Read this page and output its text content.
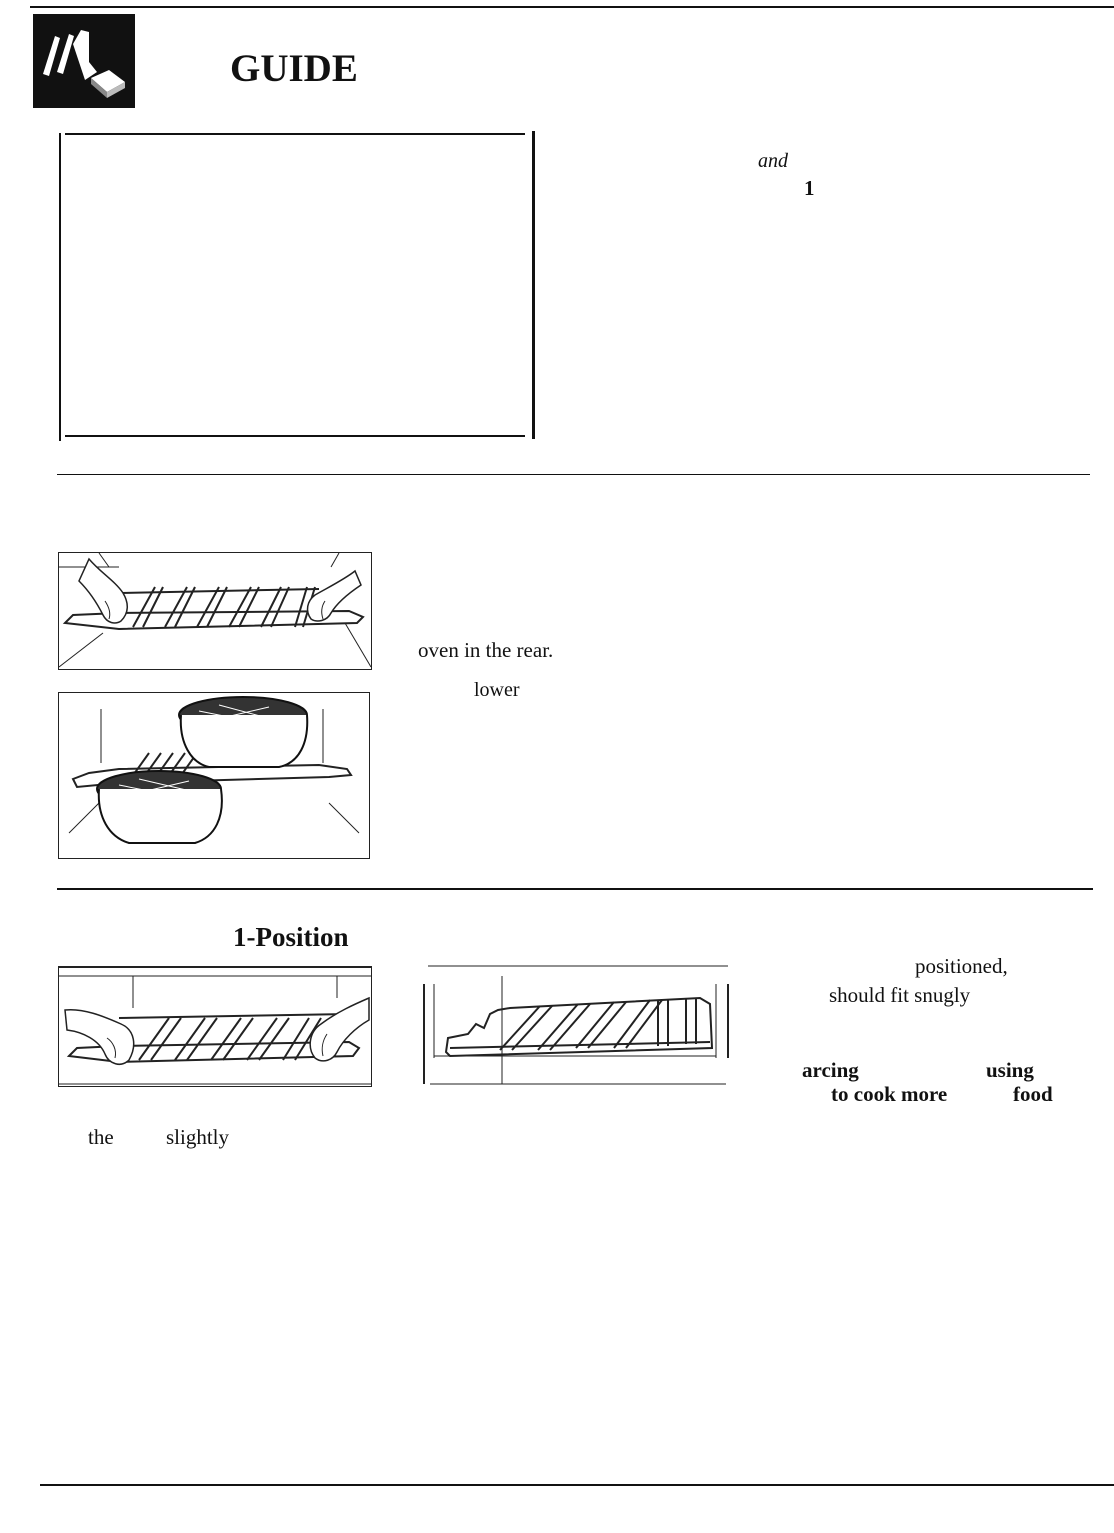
GUIDE
and
1
oven in the rear.
lower
1-Position
positioned,
should fit snugly
arcing	using
to cook more	food
the slightly
